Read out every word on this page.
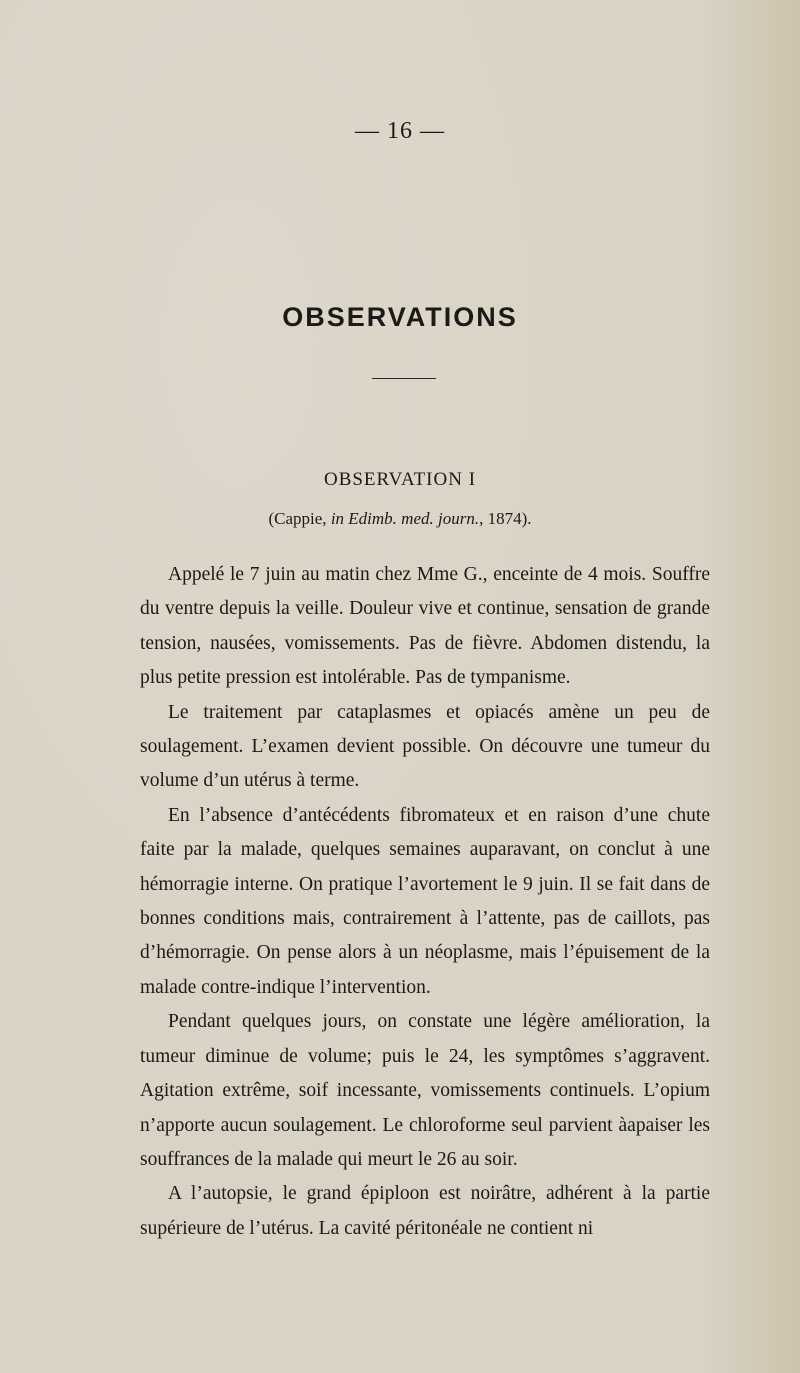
— 16 —
OBSERVATIONS
OBSERVATION I
(Cappie, in Edimb. med. journ., 1874).

Appelé le 7 juin au matin chez Mme G., enceinte de 4 mois. Souffre du ventre depuis la veille. Douleur vive et continue, sensation de grande tension, nausées, vomissements. Pas de fièvre. Abdomen distendu, la plus petite pression est intolérable. Pas de tympanisme.

Le traitement par cataplasmes et opiacés amène un peu de soulagement. L’examen devient possible. On découvre une tumeur du volume d’un utérus à terme.

En l’absence d’antécédents fibromateux et en raison d’une chute faite par la malade, quelques semaines auparavant, on conclut à une hémorragie interne. On pratique l’avortement le 9 juin. Il se fait dans de bonnes conditions mais, contrairement à l’attente, pas de caillots, pas d’hémorragie. On pense alors à un néoplasme, mais l’épuisement de la malade contre-indique l’intervention.

Pendant quelques jours, on constate une légère amélioration, la tumeur diminue de volume; puis le 24, les symptômes s’aggravent. Agitation extrême, soif incessante, vomissements continuels. L’opium n’apporte aucun soulagement. Le chloroforme seul parvient àapaiser les souffrances de la malade qui meurt le 26 au soir.

A l’autopsie, le grand épiploon est noirâtre, adhérent à la partie supérieure de l’utérus. La cavité péritonéale ne contient ni
